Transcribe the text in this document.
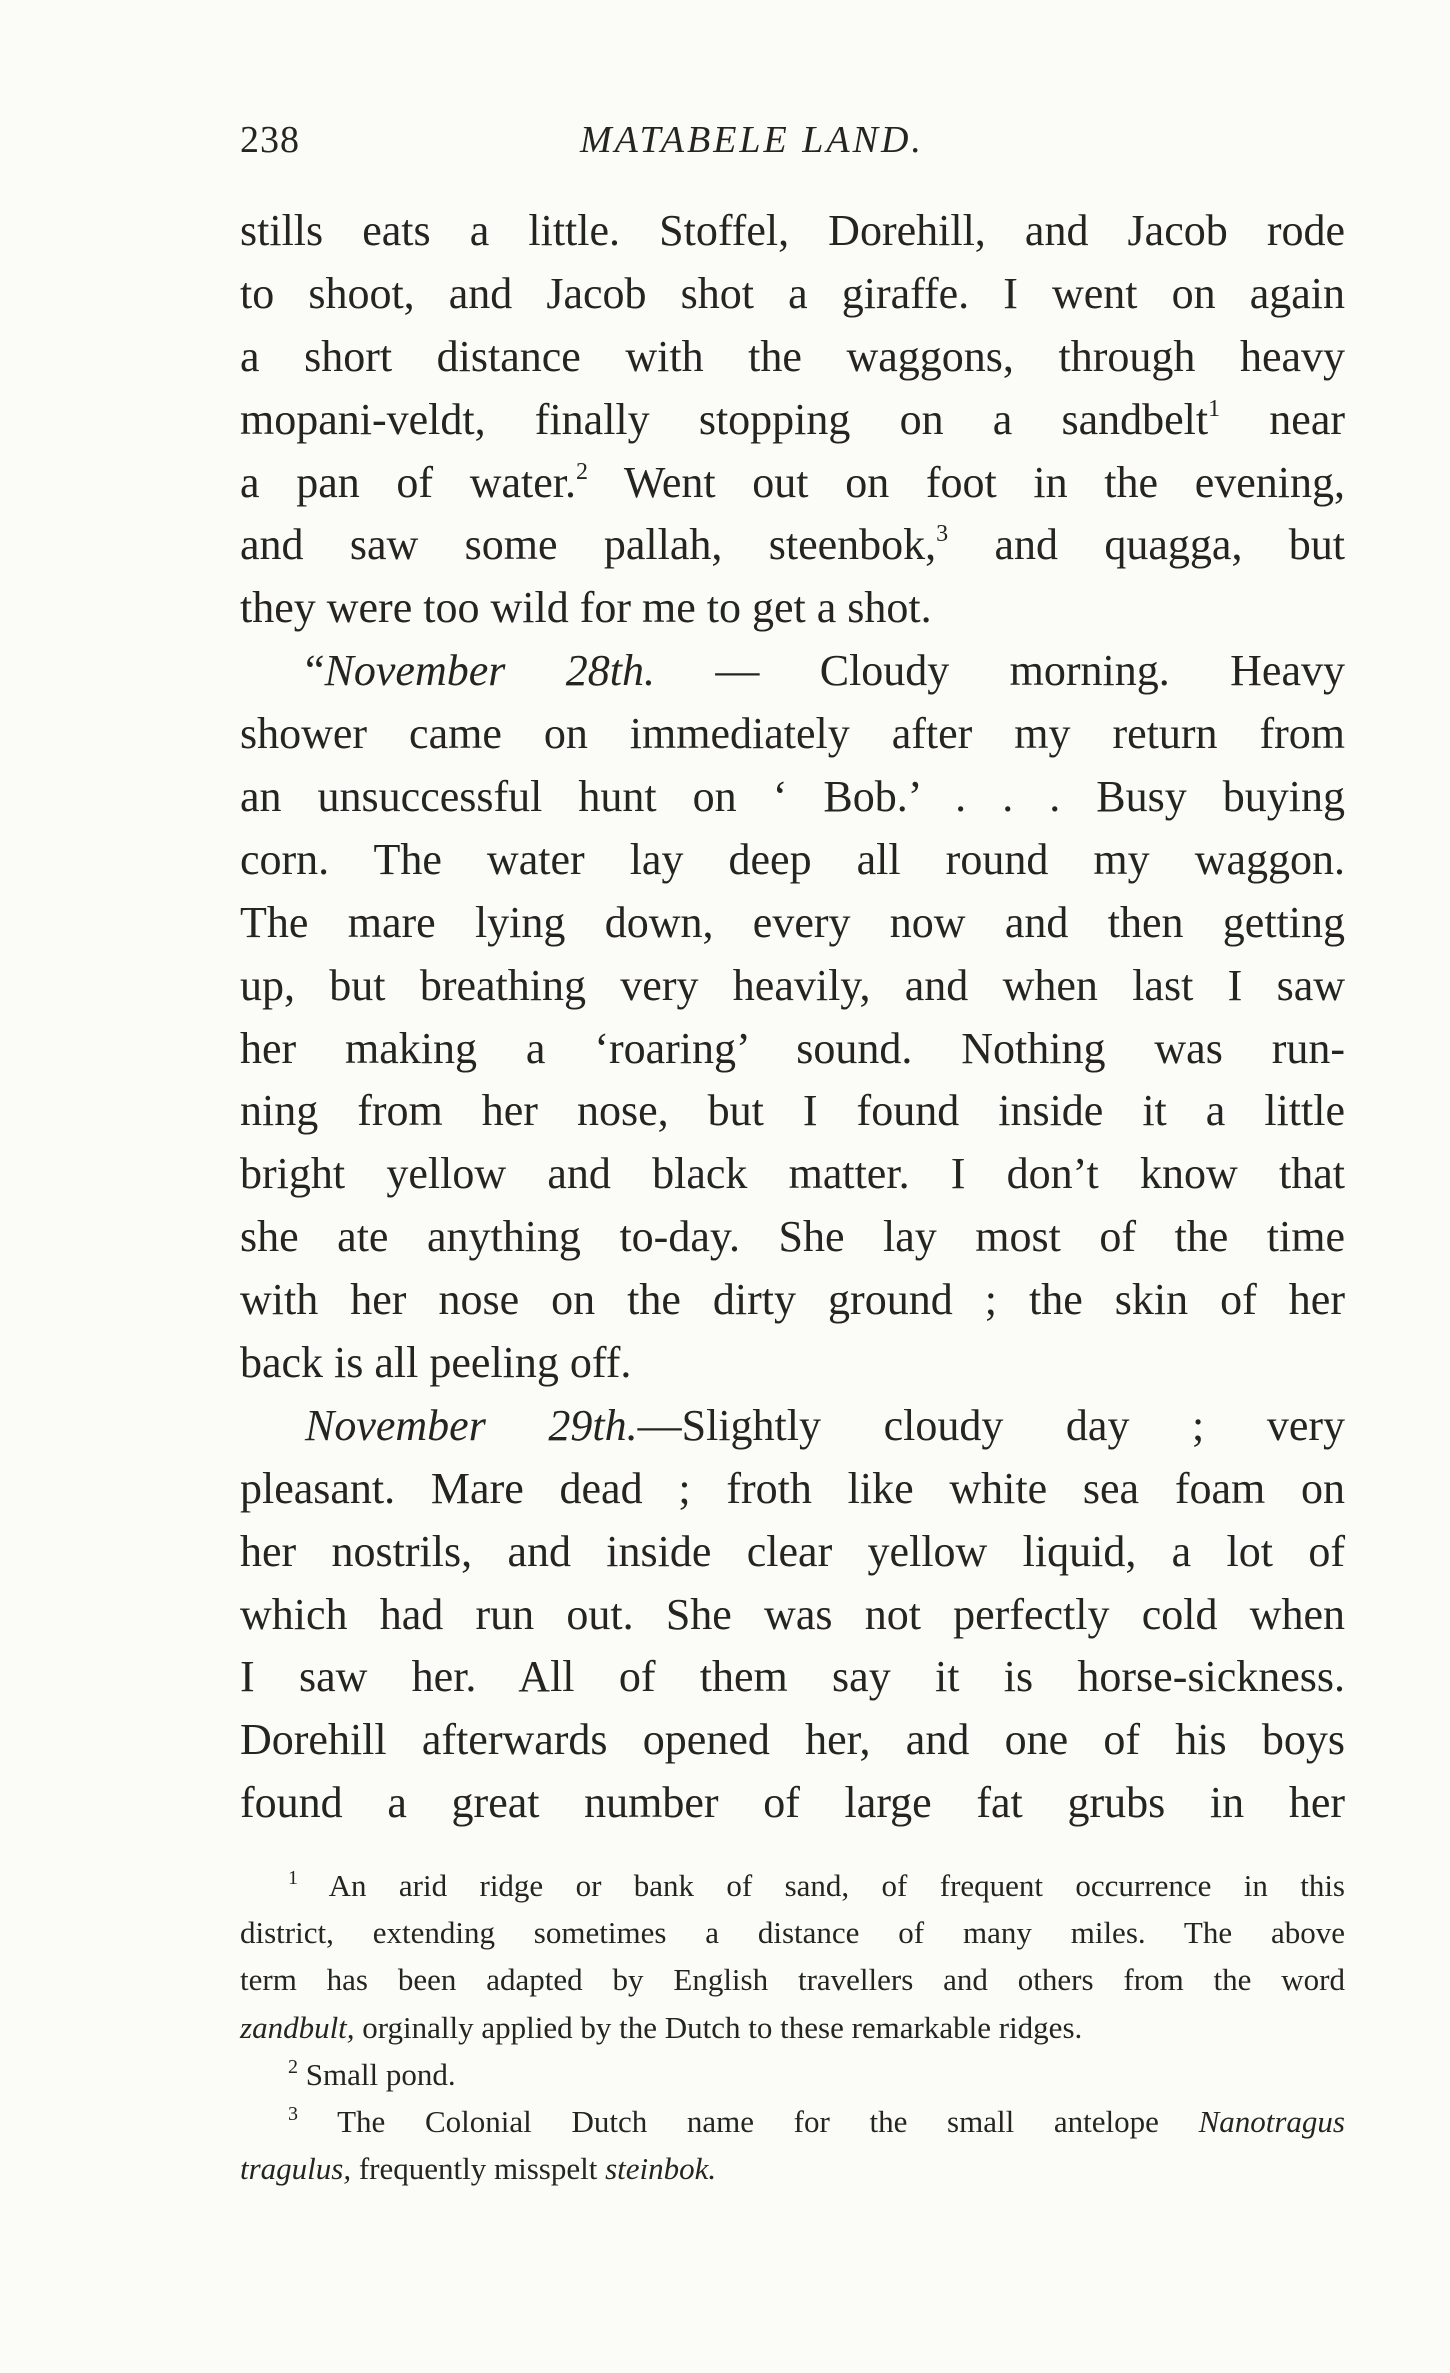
238	MATABELE LAND.
stills eats a little. Stoffel, Dorehill, and Jacob rode
to shoot, and Jacob shot a giraffe. I went on again
a short distance with the waggons, through heavy
mopani-veldt, finally stopping on a sandbelt$^1$ near
a pan of water.$^2$ Went out on foot in the evening,
and saw some pallah, steenbok,$^3$ and quagga, but
they were too wild for me to get a shot.
“November 28th. — Cloudy morning. Heavy
shower came on immediately after my return from
an unsuccessful hunt on ‘ Bob.’ . . . Busy buying
corn. The water lay deep all round my waggon.
The mare lying down, every now and then getting
up, but breathing very heavily, and when last I saw
her making a ‘roaring’ sound. Nothing was run-
ning from her nose, but I found inside it a little
bright yellow and black matter. I don’t know that
she ate anything to-day. She lay most of the time
with her nose on the dirty ground ; the skin of her
back is all peeling off.
November 29th.—Slightly cloudy day ; very
pleasant. Mare dead ; froth like white sea foam on
her nostrils, and inside clear yellow liquid, a lot of
which had run out. She was not perfectly cold when
I saw her. All of them say it is horse-sickness.
Dorehill afterwards opened her, and one of his boys
found a great number of large fat grubs in her
$^1$ An arid ridge or bank of sand, of frequent occurrence in this
district, extending sometimes a distance of many miles. The above
term has been adapted by English travellers and others from the word
zandbult, orginally applied by the Dutch to these remarkable ridges.
$^2$ Small pond.
$^3$ The Colonial Dutch name for the small antelope Nanotragus
tragulus, frequently misspelt steinbok.
